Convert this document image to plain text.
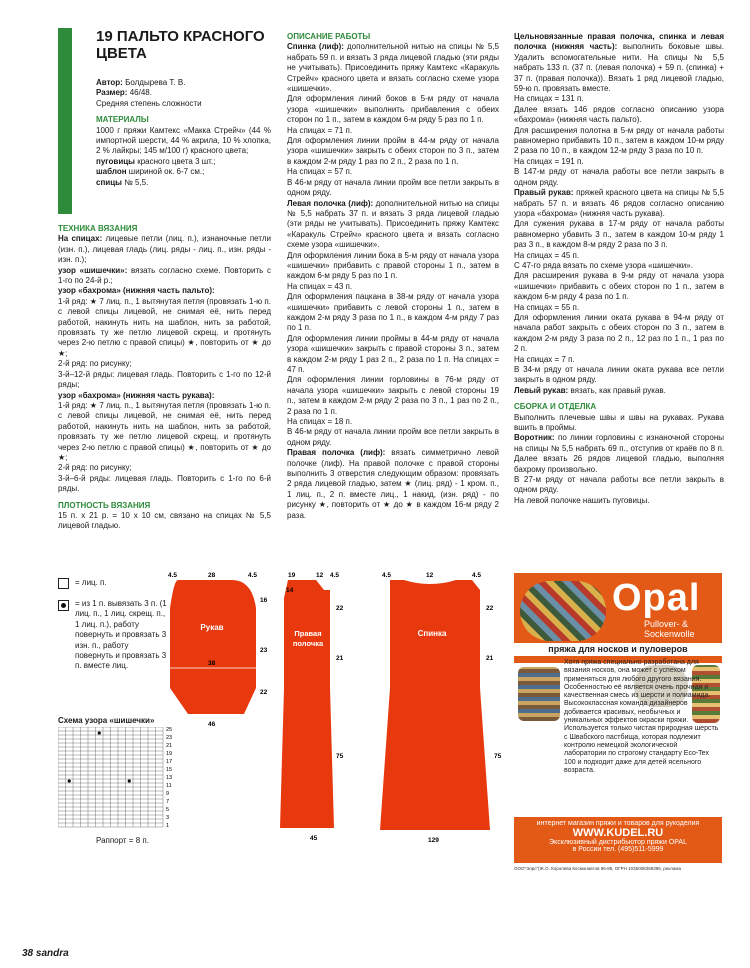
19 ПАЛЬТО КРАСНОГО ЦВЕТА

Автор: Болдырева Т. В.

Размер: 46/48.

Средняя степень сложности

МАТЕРИАЛЫ

1000 г пряжи Камтекс «Макка Стрейч» (44 % импортной шерсти, 44 % акрила, 10 % хлопка, 2 % лайкры; 145 м/100 г) красного цвета;

пуговицы красного цвета 3 шт.;

шаблон шириной ок. 6-7 см.;

спицы № 5,5.

ТЕХНИКА ВЯЗАНИЯ

На спицах: лицевые петли (лиц. п.), изнаночные петли (изн. п.), лицевая гладь (лиц. ряды - лиц. п., изн. ряды - изн. п.);

узор «шишечки»: вязать согласно схеме. Повторить с 1-го по 24-й р.;

узор «бахрома» (нижняя часть пальто):

1-й ряд: ★ 7 лиц. п., 1 вытянутая петля (провязать 1-ю п. с левой спицы лицевой, не снимая её, нить перед работой, накинуть нить на шаблон, нить за работой, провязать ту же петлю лицевой скрещ. и протянуть через 2-ю петлю с правой спицы) ★, повторить от ★ до ★;

2-й ряд: по рисунку;

3-й–12-й ряды: лицевая гладь. Повторить с 1-го по 12-й ряды;

узор «бахрома» (нижняя часть рукава):

1-й ряд: ★ 7 лиц. п., 1 вытянутая петля (провязать 1-ю п. с левой спицы лицевой, не снимая её, нить перед работой, накинуть нить на шаблон, нить за работой, провязать ту же петлю лицевой скрещ. и протянуть через 2-ю петлю с правой спицы) ★, повторить от ★ до ★;

2-й ряд: по рисунку;

3-й–6-й ряды: лицевая гладь. Повторить с 1-го по 6-й ряды.

ПЛОТНОСТЬ ВЯЗАНИЯ

15 п. х 21 р. = 10 х 10 см, связано на спицах № 5,5 лицевой гладью.

ОПИСАНИЕ РАБОТЫ

Спинка (лиф): дополнительной нитью на спицы № 5,5 набрать 59 п. и вязать 3 ряда лицевой гладью (эти ряды не учитывать). Присоединить пряжу Камтекс «Каракуль Стрейч» красного цвета и вязать согласно схеме узора «шишечки».

Для оформления линий боков в 5-м ряду от начала узора «шишечки» выполнить прибавления с обеих сторон по 1 п., затем в каждом 6-м ряду 5 раз по 1 п.

На спицах = 71 п.

Для оформления линии пройм в 44-м ряду от начала узора «шишечки» закрыть с обеих сторон по 3 п., затем в каждом 2-м ряду 1 раз по 2 п., 2 раза по 1 п.

На спицах = 57 п.

В 46-м ряду от начала линии пройм все петли закрыть в одном ряду.

Левая полочка (лиф): дополнительной нитью на спицы № 5,5 набрать 37 п. и вязать 3 ряда лицевой гладью (эти ряды не учитывать). Присоединить пряжу Камтекс «Каракуль Стрейч» красного цвета и вязать согласно схеме узора «шишечки».

Для оформления линии бока в 5-м ряду от начала узора «шишечки» прибавить с правой стороны 1 п., затем в каждом 6-м ряду 5 раз по 1 п.

На спицах = 43 п.

Для оформления пацкана в 38-м ряду от начала узора «шишечки» прибавить с левой стороны 1 п., затем в каждом 2-м ряду 3 раза по 1 п., в каждом 4-м ряду 7 раз по 1 п.

Для оформления линии проймы в 44-м ряду от начала узора «шишечки» закрыть с правой стороны 3 п., затем в каждом 2-м ряду 1 раз 2 п., 2 раза по 1 п. На спицах = 47 п.

Для оформления линии горловины в 76-м ряду от начала узора «шишечки» закрыть с левой стороны 19 п., затем в каждом 2-м ряду 2 раза по 3 п., 1 раз по 2 п., 2 раза по 1 п.

На спицах = 18 п.

В 46-м ряду от начала линии пройм все петли закрыть в одном ряду.

Правая полочка (лиф): вязать симметрично левой полочке (лиф). На правой полочке с правой стороны выполнить 3 отверстия следующим образом: провязать 2 ряда лицевой гладью, затем ★ (лиц. ряд) - 1 кром. п., 1 лиц. п., 2 п. вместе лиц., 1 накид, (изн. ряд) - по рисунку ★, повторить от ★ до ★ в каждом 16-м ряду 2 раза.

Цельновязанные правая полочка, спинка и левая полочка (нижняя часть): выполнить боковые швы. Удалить вспомогательные нити. На спицы № 5,5 набрать 133 п. (37 п. (левая полочка) + 59 п. (спинка) + 37 п. (правая полочка)). Вязать 1 ряд лицевой гладью, 59-ю п. провязать вместе.

На спицах = 131 п.

Далее вязать 146 рядов согласно описанию узора «бахрома» (нижняя часть пальто).

Для расширения полотна в 5-м ряду от начала работы равномерно прибавить 10 п., затем в каждом 10-м ряду 2 раза по 10 п., в каждом 12-м ряду 3 раза по 10 п.

На спицах = 191 п.

В 147-м ряду от начала работы все петли закрыть в одном ряду.

Правый рукав: пряжей красного цвета на спицы № 5,5 набрать 57 п. и вязать 46 рядов согласно описанию узора «бахрома» (нижняя часть рукава).

Для сужения рукава в 17-м ряду от начала работы равномерно убавить 3 п., затем в каждом 10-м ряду 1 раз 3 п., в каждом 8-м ряду 2 раза по 3 п.

На спицах = 45 п.

С 47-го ряда вязать по схеме узора «шишечки».

Для расширения рукава в 9-м ряду от начала узора «шишечки» прибавить с обеих сторон по 1 п., затем в каждом 6-м ряду 4 раза по 1 п.

На спицах = 55 п.

Для оформления линии оката рукава в 94-м ряду от начала работ закрыть с обеих сторон по 3 п., затем в каждом 2-м ряду 3 раза по 2 п., 12 раз по 1 п., 1 раз по 2 п.

На спицах = 7 п.

В 34-м ряду от начала линии оката рукава все петли закрыть в одном ряду.

Левый рукав: вязать, как правый рукав.

СБОРКА И ОТДЕЛКА

Выполнить плечевые швы и швы на рукавах. Рукава вшить в проймы.

Воротник: по линии горловины с изнаночной стороны на спицы № 5,5 набрать 69 п., отступив от краёв по 8 п. Далее вязать 26 рядов лицевой гладью, выполняя бахрому произвольно.

В 27-м ряду от начала работы все петли закрыть в одном ряду.

На левой полочке нашить пуговицы.

= лиц. п.
= из 1 п. вывязать 3 п. (1 лиц. п., 1 лиц. скрещ. п., 1 лиц. п.), работу повернуть и провязать 3 изн. п., работу повернуть и провязать 3 п. вместе лиц.
Схема узора «шишечки»
25
23
21
19
17
15
13
11
9
7
5
3
1
Раппорт = 8 п.
Рукав
4.5	28	4.5
16
23
22
38
46
Правая полочка
19	12 4.5
14
22
21
75
45
Спинка
4.5	12	4.5
22
21
75
129
Opal
Pullover- &
Sockenwolle
пряжа для носков и пуловеров
Хотя пряжа специально разработана для вязания носков, она может с успехом применяться для любого другого вязания. Особенностью её является очень прочная и качественная смесь из шерсти и полиамида. Высококлассная команда дизайнеров добивается красивых, необычных и уникальных эффектов окраски пряжи. Используется только чистая природная шерсть с Швабского пастбища, которая подлежит контролю немецкой экологической лаборатории по строгому стандарту Eco-Tex 100 и подходит даже для детей ясельного возраста.
интернет магазин пряжи и товаров для рукоделия
WWW.KUDEL.RU
Эксклюзивный дистрибьютор пряжи OPAL
в России тел. (495)511-5999
ООО"Элрс"(Ж.О. Королева Космонавтов 85-85, ОГРН 1035008368396, реклама
38 sandra
